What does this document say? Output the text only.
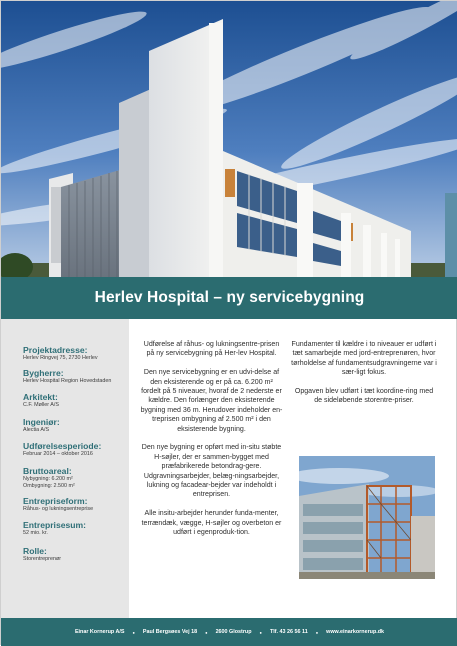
Herlev Hospital – ny servicebygning
Projektadresse:
Herlev Ringvej 75, 2730 Herlev
Bygherre:
Herlev Hospital Region Hovedstaden
Arkitekt:
C.F. Møller A/S
Ingeniør:
Alectia A/S
Udførelsesperiode:
Februar 2014 – oktober 2016
Bruttoareal:
Nybygning: 6.200 m²
Ombygning: 2.500 m²
Entrepriseform:
Råhus- og lukningsentreprise
Entreprisesum:
52 mio. kr.
Rolle:
Storentreprenør

Udførelse af råhus- og lukningsentre-prisen på ny servicebygning på Her-lev Hospital.

Den nye servicebygning er en udvi-delse af den eksisterende og er på ca. 6.200 m² fordelt på 5 niveauer, hvoraf de 2 nederste er kældre. Den forlænger den eksisterende bygning med 36 m. Herudover indeholder en-treprisen ombygning af 2.500 m² i den eksisterende bygning.

Den nye bygning er opført med in-situ støbte H-søjler, der er sammen-bygget med præfabrikerede betondrag-gere. Udgravningsarbejder, belæg-ningsarbejder, lukning og facadear-bejder var indeholdt i entreprisen.

Alle insitu-arbejder herunder funda-menter, terrændæk, vægge, H-søjler og overbeton er udført i egenproduk-tion.

Fundamenter til kældre i to niveauer er udført i tæt samarbejde med jord-entreprenøren, hvor tørholdelse af fundamentsudgravningerne var i sær-ligt fokus.

Opgaven blev udført i tæt koordine-ring med de sideløbende storentre-priser.

Einar Kornerup A/S ● Paul Bergsøes Vej 18 ● 2600 Glostrup ● Tlf. 43 26 56 11 ● www.einarkornerup.dk
